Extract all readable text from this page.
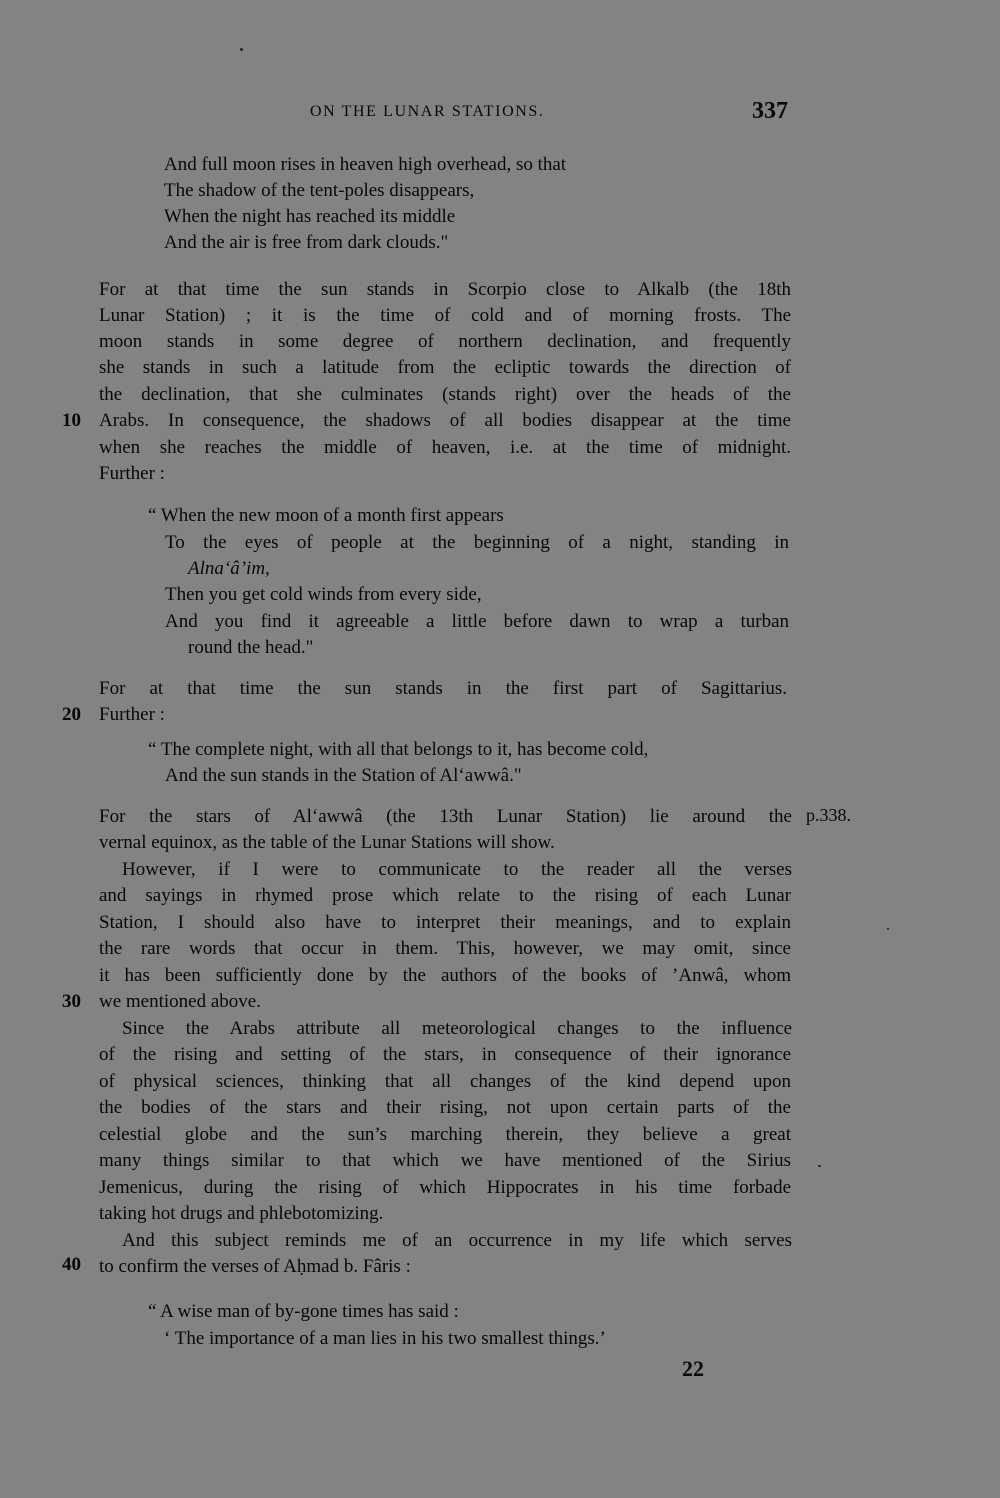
ON THE LUNAR STATIONS.	337
And full moon rises in heaven high overhead, so that
The shadow of the tent-poles disappears,
When the night has reached its middle
And the air is free from dark clouds."
For at that time the sun stands in Scorpio close to Alkalb (the 18th
Lunar Station) ; it is the time of cold and of morning frosts. The
moon stands in some degree of northern declination, and frequently
she stands in such a latitude from the ecliptic towards the direction of
the declination, that she culminates (stands right) over the heads of the
10 Arabs. In consequence, the shadows of all bodies disappear at the time
when she reaches the middle of heaven, i.e. at the time of midnight.
Further :
“ When the new moon of a month first appears
To the eyes of people at the beginning of a night, standing in
Alna‘â’im,
Then you get cold winds from every side,
And you find it agreeable a little before dawn to wrap a turban
round the head."
For at that time the sun stands in the first part of Sagittarius.
20 Further :
“ The complete night, with all that belongs to it, has become cold,
And the sun stands in the Station of Al‘awwâ."
For the stars of Al‘awwâ (the 13th Lunar Station) lie around the p.338.
vernal equinox, as the table of the Lunar Stations will show.
However, if I were to communicate to the reader all the verses
and sayings in rhymed prose which relate to the rising of each Lunar
Station, I should also have to interpret their meanings, and to explain
the rare words that occur in them. This, however, we may omit, since
it has been sufficiently done by the authors of the books of ’Anwâ, whom
30 we mentioned above.
Since the Arabs attribute all meteorological changes to the influence
of the rising and setting of the stars, in consequence of their ignorance
of physical sciences, thinking that all changes of the kind depend upon
the bodies of the stars and their rising, not upon certain parts of the
celestial globe and the sun’s marching therein, they believe a great
many things similar to that which we have mentioned of the Sirius
Jemenicus, during the rising of which Hippocrates in his time forbade
taking hot drugs and phlebotomizing.
And this subject reminds me of an occurrence in my life which serves
40 to confirm the verses of Aḥmad b. Fâris :
“ A wise man of by-gone times has said :
‘ The importance of a man lies in his two smallest things.’
22
